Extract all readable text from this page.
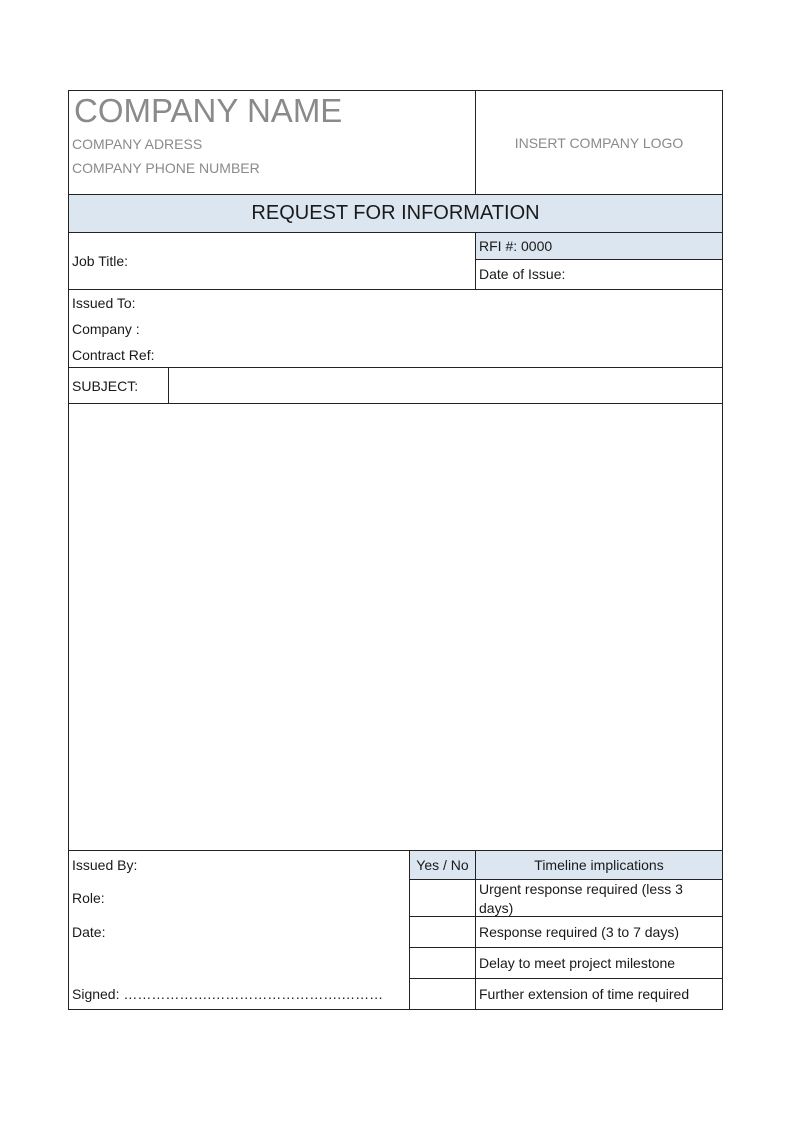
COMPANY NAME
COMPANY ADRESS
COMPANY PHONE NUMBER
INSERT COMPANY LOGO
REQUEST FOR INFORMATION
Job Title:
RFI #: 0000
Date of Issue:
Issued To:
Company :
Contract Ref:
SUBJECT:
Issued By:
Role:
Date:
Signed: ……………….……………………….………
Yes / No	Timeline implications
Urgent response required (less 3
days)
Response required (3 to 7 days)
Delay to meet project milestone
Further extension of time required
